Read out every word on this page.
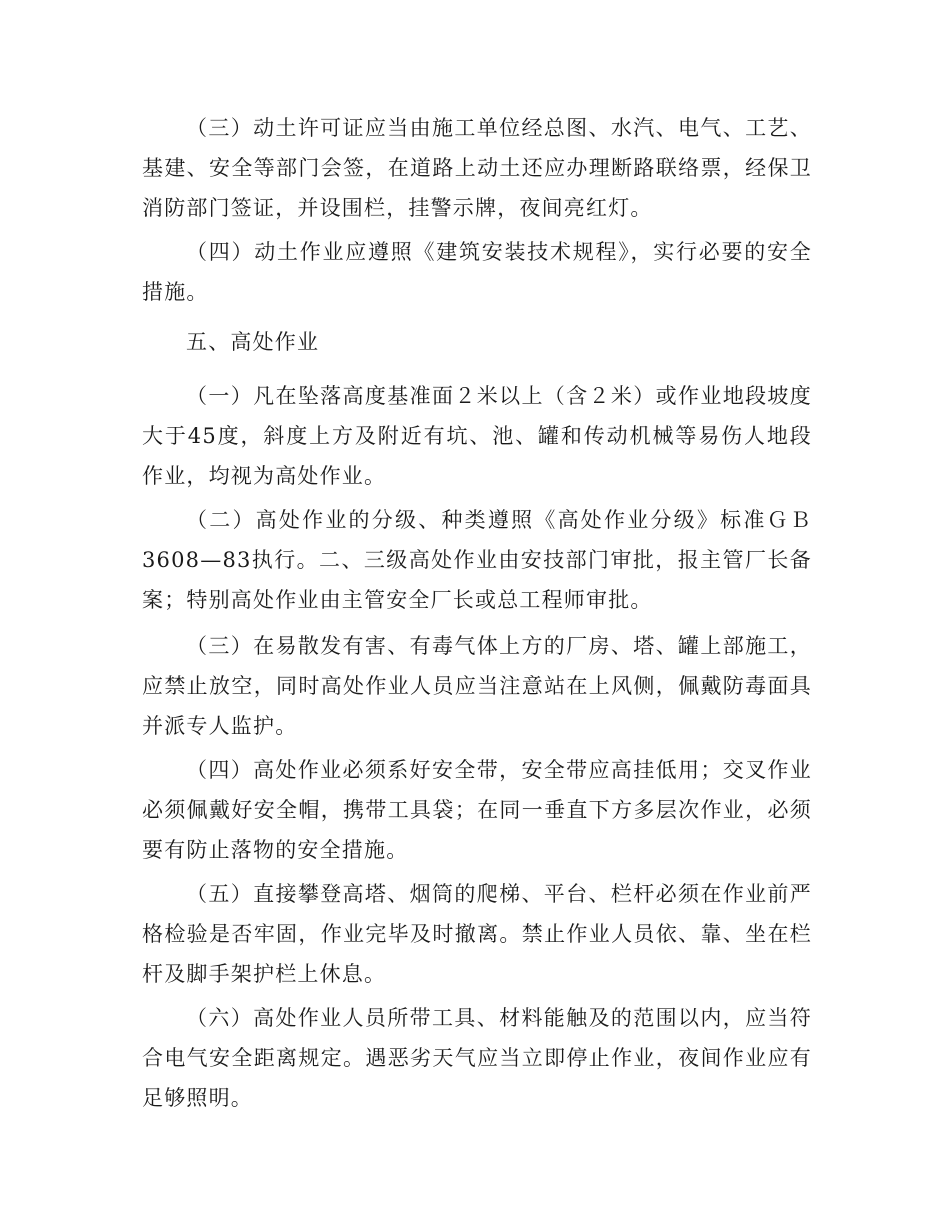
（三）动土许可证应当由施工单位经总图、水汽、电气、工艺、基建、安全等部门会签，在道路上动土还应办理断路联络票，经保卫消防部门签证，并设围栏，挂警示牌，夜间亮红灯。

（四）动土作业应遵照《建筑安装技术规程》，实行必要的安全措施。

五、高处作业

（一）凡在坠落高度基准面２米以上（含２米）或作业地段坡度大于45度，斜度上方及附近有坑、池、罐和传动机械等易伤人地段作业，均视为高处作业。

（二）高处作业的分级、种类遵照《高处作业分级》标准ＧＢ 3608—83执行。二、三级高处作业由安技部门审批，报主管厂长备案；特别高处作业由主管安全厂长或总工程师审批。

（三）在易散发有害、有毒气体上方的厂房、塔、罐上部施工，应禁止放空，同时高处作业人员应当注意站在上风侧，佩戴防毒面具并派专人监护。

（四）高处作业必须系好安全带，安全带应高挂低用；交叉作业必须佩戴好安全帽，携带工具袋；在同一垂直下方多层次作业，必须要有防止落物的安全措施。

（五）直接攀登高塔、烟筒的爬梯、平台、栏杆必须在作业前严格检验是否牢固，作业完毕及时撤离。禁止作业人员依、靠、坐在栏杆及脚手架护栏上休息。

（六）高处作业人员所带工具、材料能触及的范围以内，应当符合电气安全距离规定。遇恶劣天气应当立即停止作业，夜间作业应有足够照明。
